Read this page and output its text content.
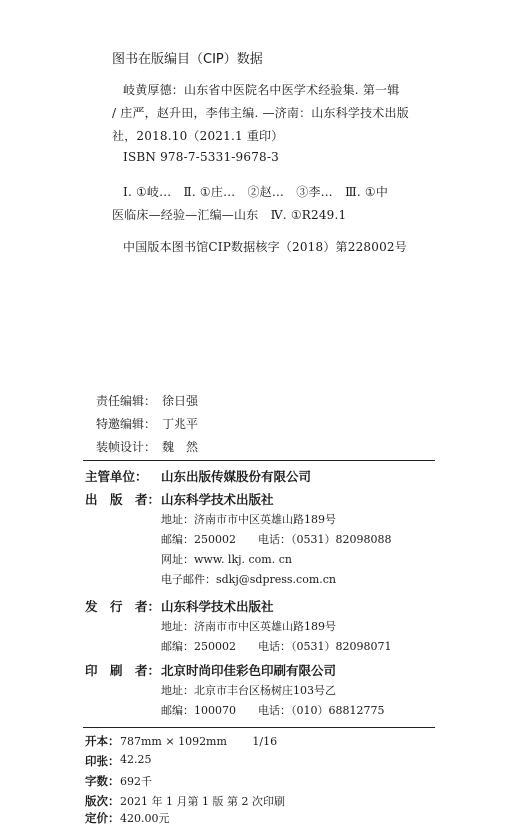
图书在版编目（CIP）数据
岐黄厚德：山东省中医院名中医学术经验集. 第一辑
/ 庄严，赵升田，李伟主编. —济南：山东科学技术出版
社，2018.10（2021.1 重印）
ISBN 978-7-5331-9678-3
Ⅰ. ①岐…　Ⅱ. ①庄…　②赵…　③李…　Ⅲ. ①中
医临床—经验—汇编—山东　Ⅳ. ①R249.1
中国版本图书馆CIP数据核字（2018）第228002号
责任编辑： 徐日强
特邀编辑： 丁兆平
装帧设计： 魏　然
主管单位： 山东出版传媒股份有限公司
出　版　者： 山东科学技术出版社
地址：济南市市中区英雄山路189号
邮编：250002　　电话：（0531）82098088
网址：www. lkj. com. cn
电子邮件：sdkj@sdpress.com.cn
发　行　者： 山东科学技术出版社
地址：济南市市中区英雄山路189号
邮编：250002　　电话：（0531）82098071
印　刷　者： 北京时尚印佳彩色印刷有限公司
地址：北京市丰台区杨树庄103号乙
邮编：100070　　电话：（010）68812775
开本： 787mm × 1092mm　　 1/16
印张： 42.25
字数： 692千
版次： 2021 年 1 月第 1 版 第 2 次印刷
定价： 420.00元
